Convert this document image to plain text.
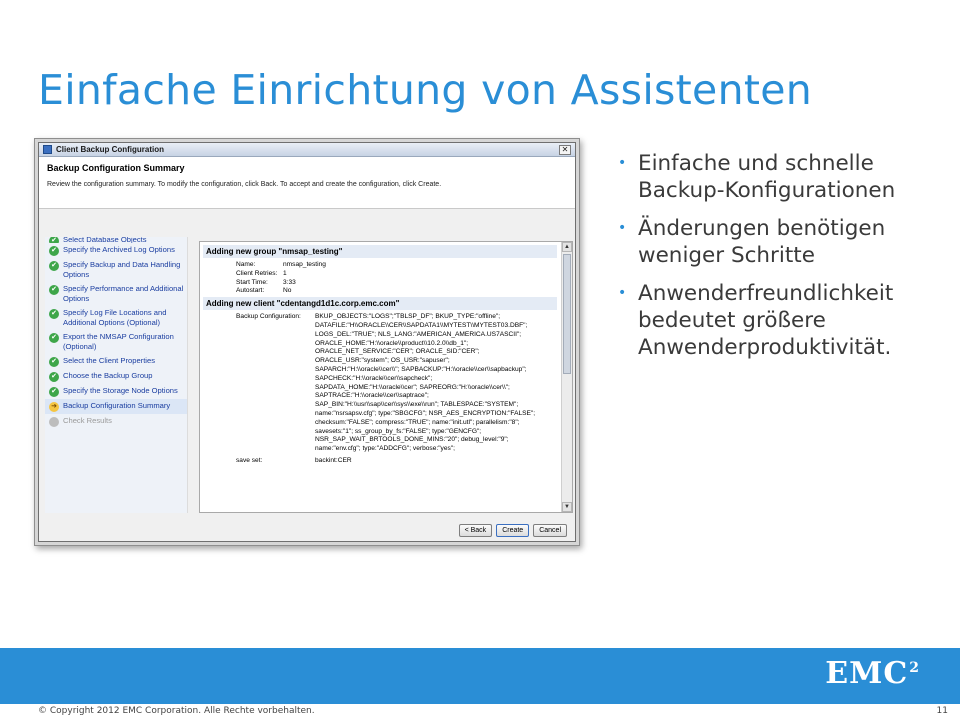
Einfache Einrichtung von Assistenten
Client Backup Configuration	✕
Backup Configuration Summary
Review the configuration summary. To modify the configuration, click Back. To accept and create the configuration, click Create.
✔ Select Database Objects
✔ Specify the Archived Log Options
✔ Specify Backup and Data Handling Options
✔ Specify Performance and Additional Options
✔ Specify Log File Locations and Additional Options (Optional)
✔ Export the NMSAP Configuration (Optional)
✔ Select the Client Properties
✔ Choose the Backup Group
✔ Specify the Storage Node Options
➜ Backup Configuration Summary
Check Results
Adding new group "nmsap_testing"
Name:	nmsap_testing
Client Retries: 1
Start Time:	3:33
Autostart:	No
Adding new client "cdentangd1d1c.corp.emc.com"
Backup Configuration:	BKUP_OBJECTS:"LOGS";"TBLSP_DF"; BKUP_TYPE:"offline";
DATAFILE:"H\\ORACLE\\CER\\SAPDATA1\\MYTEST\\MYTEST03.DBF";
LOGS_DEL:"TRUE"; NLS_LANG:"AMERICAN_AMERICA.US7ASCII";
ORACLE_HOME:"H:\\oracle\\product\\10.2.0\\db_1";
ORACLE_NET_SERVICE:"CER"; ORACLE_SID:"CER";
ORACLE_USR:"system"; OS_USR:"sapuser";
SAPARCH:"H:\\oracle\\cer\\"; SAPBACKUP:"H:\\oracle\\cer\\sapbackup";
SAPCHECK:"H:\\oracle\\cer\\sapcheck";
SAPDATA_HOME:"H:\\oracle\\cer"; SAPREORG:"H:\\oracle\\cer\\";
SAPTRACE:"H:\\oracle\\cer\\saptrace";
SAP_BIN:"H:\\usr\\sap\\cer\\sys\\exe\\run"; TABLESPACE:"SYSTEM";
name:"nsrsapsv.cfg"; type:"SBGCFG"; NSR_AES_ENCRYPTION:"FALSE";
checksum:"FALSE"; compress:"TRUE"; name:"init.utl"; parallelism:"8";
savesets:"1"; ss_group_by_fs:"FALSE"; type:"GENCFG";
NSR_SAP_WAIT_BRTOOLS_DONE_MINS:"20"; debug_level:"9";
name:"env.cfg"; type:"ADDCFG"; verbose:"yes";
save set:	backint:CER
▲
▼
< Back	Create	Cancel
• Einfache und schnelle Backup-Konfigurationen
• Änderungen benötigen weniger Schritte
• Anwenderfreundlichkeit bedeutet größere Anwenderproduktivität.
EMC$^2$
© Copyright 2012 EMC Corporation. Alle Rechte vorbehalten.	11
